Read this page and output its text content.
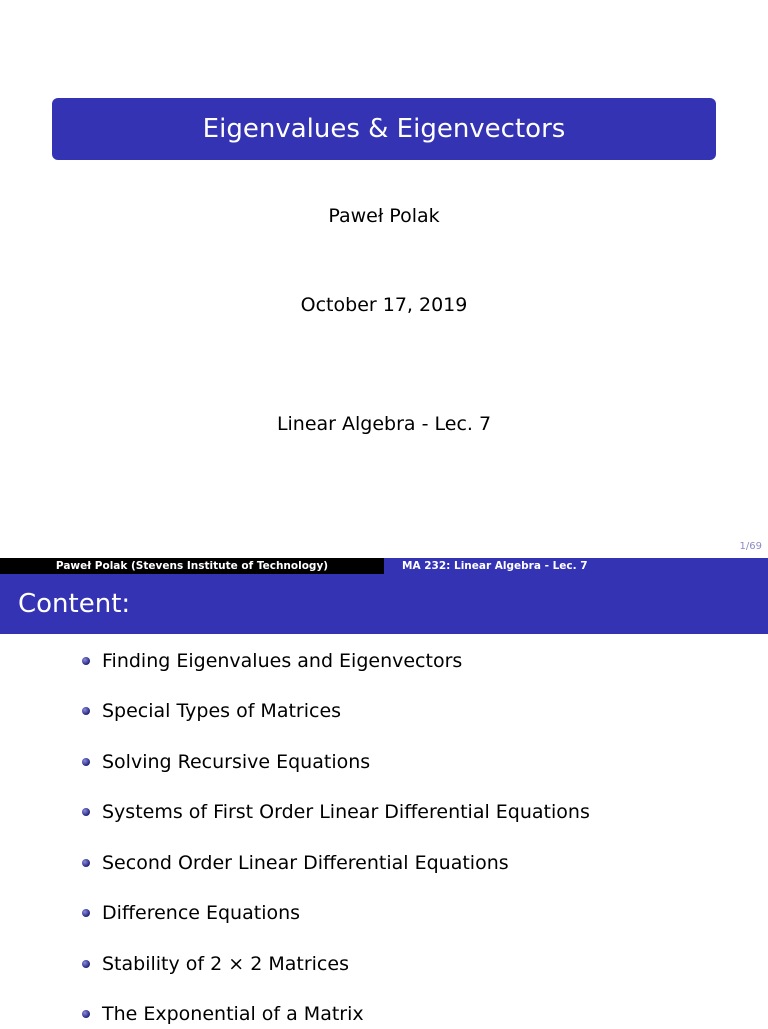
Eigenvalues & Eigenvectors
Paweł Polak
October 17, 2019
Linear Algebra - Lec. 7
1/69
Paweł Polak (Stevens Institute of Technology)	MA 232: Linear Algebra - Lec. 7
Content:
Finding Eigenvalues and Eigenvectors
Special Types of Matrices
Solving Recursive Equations
Systems of First Order Linear Differential Equations
Second Order Linear Differential Equations
Difference Equations
Stability of 2 × 2 Matrices
The Exponential of a Matrix
